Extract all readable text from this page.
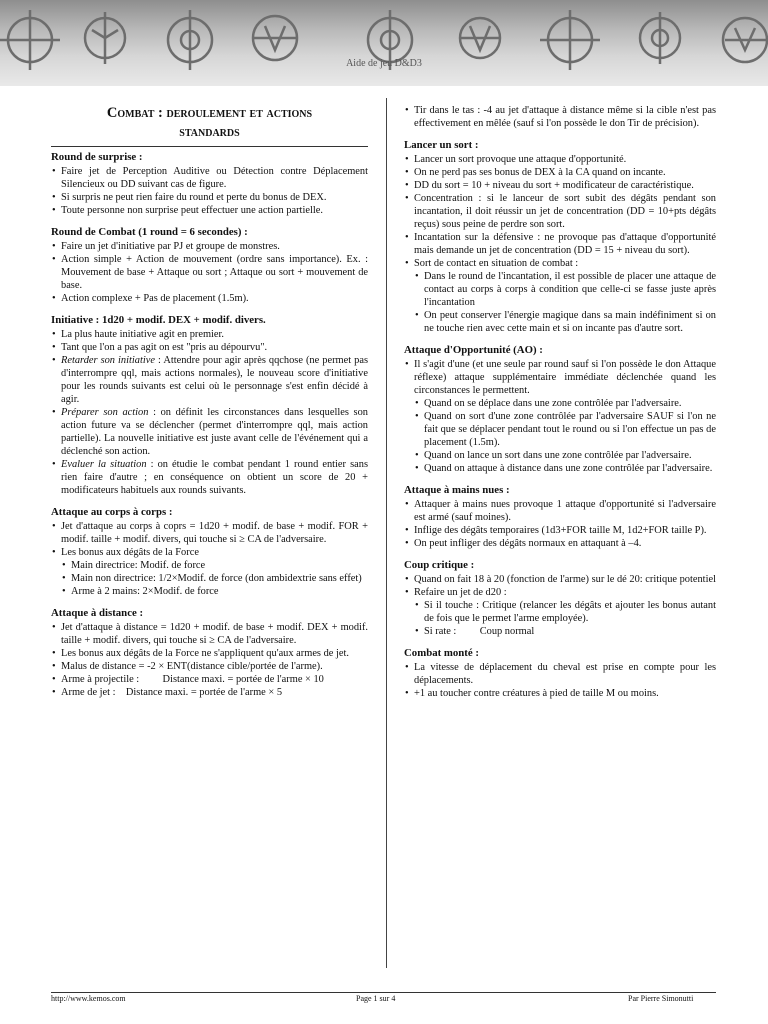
Aide de jeu D&D3
Combat : deroulement et actions
standards
Round de surprise :
• Faire jet de Perception Auditive ou Détection contre Déplacement Silencieux ou DD suivant cas de figure.
• Si surpris ne peut rien faire du round et perte du bonus de DEX.
• Toute personne non surprise peut effectuer une action partielle.
Round de Combat (1 round = 6 secondes) :
• Faire un jet d'initiative par PJ et groupe de monstres.
• Action simple + Action de mouvement (ordre sans importance). Ex. : Mouvement de base + Attaque ou sort ; Attaque ou sort + mouvement de base.
• Action complexe + Pas de placement (1.5m).
Initiative : 1d20 + modif. DEX + modif. divers.
• La plus haute initiative agit en premier.
• Tant que l'on a pas agit on est "pris au dépourvu".
• Retarder son initiative : Attendre pour agir après qqchose (ne permet pas d'interrompre qql, mais actions normales), le nouveau score d'initiative pour les rounds suivants est celui où le personnage s'est enfin décidé à agir.
• Préparer son action : on définit les circonstances dans lesquelles son action future va se déclencher (permet d'interrompre qql, mais action partielle). La nouvelle initiative est juste avant celle de l'événement qui a déclenché son action.
• Evaluer la situation : on étudie le combat pendant 1 round entier sans rien faire d'autre ; en conséquence on obtient un score de 20 + modificateurs habituels aux rounds suivants.
Attaque au corps à corps :
• Jet d'attaque au corps à coprs = 1d20 + modif. de base + modif. FOR + modif. taille + modif. divers, qui touche si ≥ CA de l'adversaire.
• Les bonus aux dégâts de la Force
• Main directrice: Modif. de force
• Main non directrice: 1/2×Modif. de force (don ambidextrie sans effet)
• Arme à 2 mains: 2×Modif. de force
Attaque à distance :
• Jet d'attaque à distance = 1d20 + modif. de base + modif. DEX + modif. taille + modif. divers, qui touche si ≥ CA de l'adversaire.
• Les bonus aux dégâts de la Force ne s'appliquent qu'aux armes de jet.
• Malus de distance = -2 × ENT(distance cible/portée de l'arme).
• Arme à projectile :         Distance maxi. = portée de l'arme × 10
• Arme de jet :    Distance maxi. = portée de l'arme × 5
• Tir dans le tas : -4 au jet d'attaque à distance même si la cible n'est pas effectivement en mêlée (sauf si l'on possède le don Tir de précision).
Lancer un sort :
• Lancer un sort provoque une attaque d'opportunité.
• On ne perd pas ses bonus de DEX à la CA quand on incante.
• DD du sort = 10 + niveau du sort + modificateur de caractéristique.
• Concentration : si le lanceur de sort subit des dégâts pendant son incantation, il doit réussir un jet de concentration (DD = 10+pts dégâts reçus) sous peine de perdre son sort.
• Incantation sur la défensive : ne provoque pas d'attaque d'opportunité mais demande un jet de concentration (DD = 15 + niveau du sort).
• Sort de contact en situation de combat :
• Dans le round de l'incantation, il est possible de placer une attaque de contact au corps à corps à condition que celle-ci se fasse juste après l'incantation
• On peut conserver l'énergie magique dans sa main indéfiniment si on ne touche rien avec cette main et si on incante pas d'autre sort.
Attaque d'Opportunité (AO) :
• Il s'agit d'une (et une seule par round sauf si l'on possède le don Attaque réflexe) attaque supplémentaire immédiate déclenchée quand les circonstances le permettent.
• Quand on se déplace dans une zone contrôlée par l'adversaire.
• Quand on sort d'une zone contrôlée par l'adversaire SAUF si l'on ne fait que se déplacer pendant tout le round ou si l'on effectue un pas de placement (1.5m).
• Quand on lance un sort dans une zone contrôlée par l'adversaire.
• Quand on attaque à distance dans une zone contrôlée par l'adversaire.
Attaque à mains nues :
• Attaquer à mains nues provoque 1 attaque d'opportunité si l'adversaire est armé (sauf moines).
• Inflige des dégâts temporaires (1d3+FOR taille M, 1d2+FOR taille P).
• On peut infliger des dégâts normaux en attaquant à –4.
Coup critique :
• Quand on fait 18 à 20 (fonction de l'arme) sur le dé 20: critique potentiel
• Refaire un jet de d20 :
• Si il touche : Critique (relancer les dégâts et ajouter les bonus autant de fois que le permet l'arme employée).
• Si rate :         Coup normal
Combat monté :
• La vitesse de déplacement du cheval est prise en compte pour les déplacements.
• +1 au toucher contre créatures à pied de taille M ou moins.
http://www.kemos.com	Page 1 sur 4	Par Pierre Simonutti
